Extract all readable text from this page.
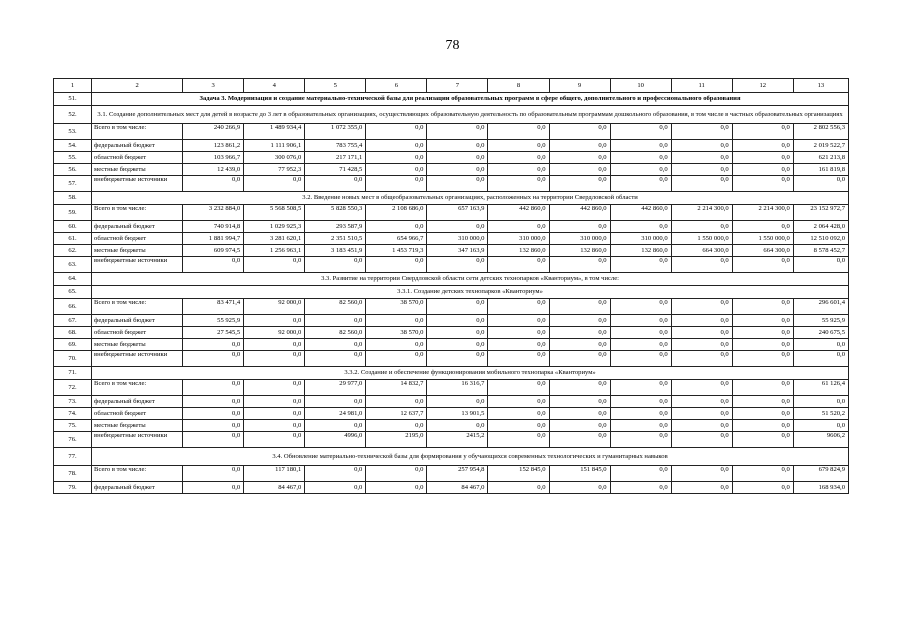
78
1	2	3	4	5	6	7	8	9	10	11	12	13
51.	Задача 3. Модернизация и создание материально-технической базы для реализации образовательных программ в сфере общего, дополнительного и профессионального образования											
52.	3.1. Создание дополнительных мест для детей в возрасте до 3 лет в образовательных организациях, осуществляющих образовательную деятельность по образовательным программам дошкольного образования, в том числе в частных образовательных организациях											
53.	Всего в том числе:	240 266,9	1 489 934,4	1 072 355,0	0,0	0,0	0,0	0,0	0,0	0,0	0,0	2 802 556,3
54.	федеральный бюджет	123 861,2	1 111 906,1	783 755,4	0,0	0,0	0,0	0,0	0,0	0,0	0,0	2 019 522,7
55.	областной бюджет	103 966,7	300 076,0	217 171,1	0,0	0,0	0,0	0,0	0,0	0,0	0,0	621 213,8
56.	местные бюджеты	12 439,0	77 952,3	71 428,5	0,0	0,0	0,0	0,0	0,0	0,0	0,0	161 819,8
57.	внебюджетные источники	0,0	0,0	0,0	0,0	0,0	0,0	0,0	0,0	0,0	0,0	0,0
58.	3.2. Введение новых мест в общеобразовательных организациях, расположенных на территории Свердловской области											
59.	Всего в том числе:	3 232 884,0	5 568 508,5	5 828 550,3	2 108 686,0	657 163,9	442 860,0	442 860,0	442 860,0	2 214 300,0	2 214 300,0	23 152 972,7
60.	федеральный бюджет	740 914,8	1 029 925,3	293 587,9	0,0	0,0	0,0	0,0	0,0	0,0	0,0	2 064 428,0
61.	областной бюджет	1 881 994,7	3 281 620,1	2 351 510,5	654 966,7	310 000,0	310 000,0	310 000,0	310 000,0	1 550 000,0	1 550 000,0	12 510 092,0
62.	местные бюджеты	609 974,5	1 256 963,1	3 183 451,9	1 453 719,3	347 163,9	132 860,0	132 860,0	132 860,0	664 300,0	664 300,0	8 578 452,7
63.	внебюджетные источники	0,0	0,0	0,0	0,0	0,0	0,0	0,0	0,0	0,0	0,0	0,0
64.	3.3. Развитие на территории Свердловской области сети детских технопарков «Кванториум», в том числе:											
65.	3.3.1. Создание детских технопарков «Кванториум»											
66.	Всего в том числе:	83 471,4	92 000,0	82 560,0	38 570,0	0,0	0,0	0,0	0,0	0,0	0,0	296 601,4
67.	федеральный бюджет	55 925,9	0,0	0,0	0,0	0,0	0,0	0,0	0,0	0,0	0,0	55 925,9
68.	областной бюджет	27 545,5	92 000,0	82 560,0	38 570,0	0,0	0,0	0,0	0,0	0,0	0,0	240 675,5
69.	местные бюджеты	0,0	0,0	0,0	0,0	0,0	0,0	0,0	0,0	0,0	0,0	0,0
70.	внебюджетные источники	0,0	0,0	0,0	0,0	0,0	0,0	0,0	0,0	0,0	0,0	0,0
71.	3.3.2. Создание и обеспечение функционирования мобильного технопарка «Кванториум»											
72.	Всего в том числе:	0,0	0,0	29 977,0	14 832,7	16 316,7	0,0	0,0	0,0	0,0	0,0	61 126,4
73.	федеральный бюджет	0,0	0,0	0,0	0,0	0,0	0,0	0,0	0,0	0,0	0,0	0,0
74.	областной бюджет	0,0	0,0	24 981,0	12 637,7	13 901,5	0,0	0,0	0,0	0,0	0,0	51 520,2
75.	местные бюджеты	0,0	0,0	0,0	0,0	0,0	0,0	0,0	0,0	0,0	0,0	0,0
76.	внебюджетные источники	0,0	0,0	4996,0	2195,0	2415,2	0,0	0,0	0,0	0,0	0,0	9606,2
77.	3.4. Обновление материально-технической базы для формирования у обучающихся современных технологических и гуманитарных навыков											
78.	Всего в том числе:	0,0	117 180,1	0,0	0,0	257 954,8	152 845,0	151 845,0	0,0	0,0	0,0	679 824,9
79.	федеральный бюджет	0,0	84 467,0	0,0	0,0	84 467,0	0,0	0,0	0,0	0,0	0,0	168 934,0
